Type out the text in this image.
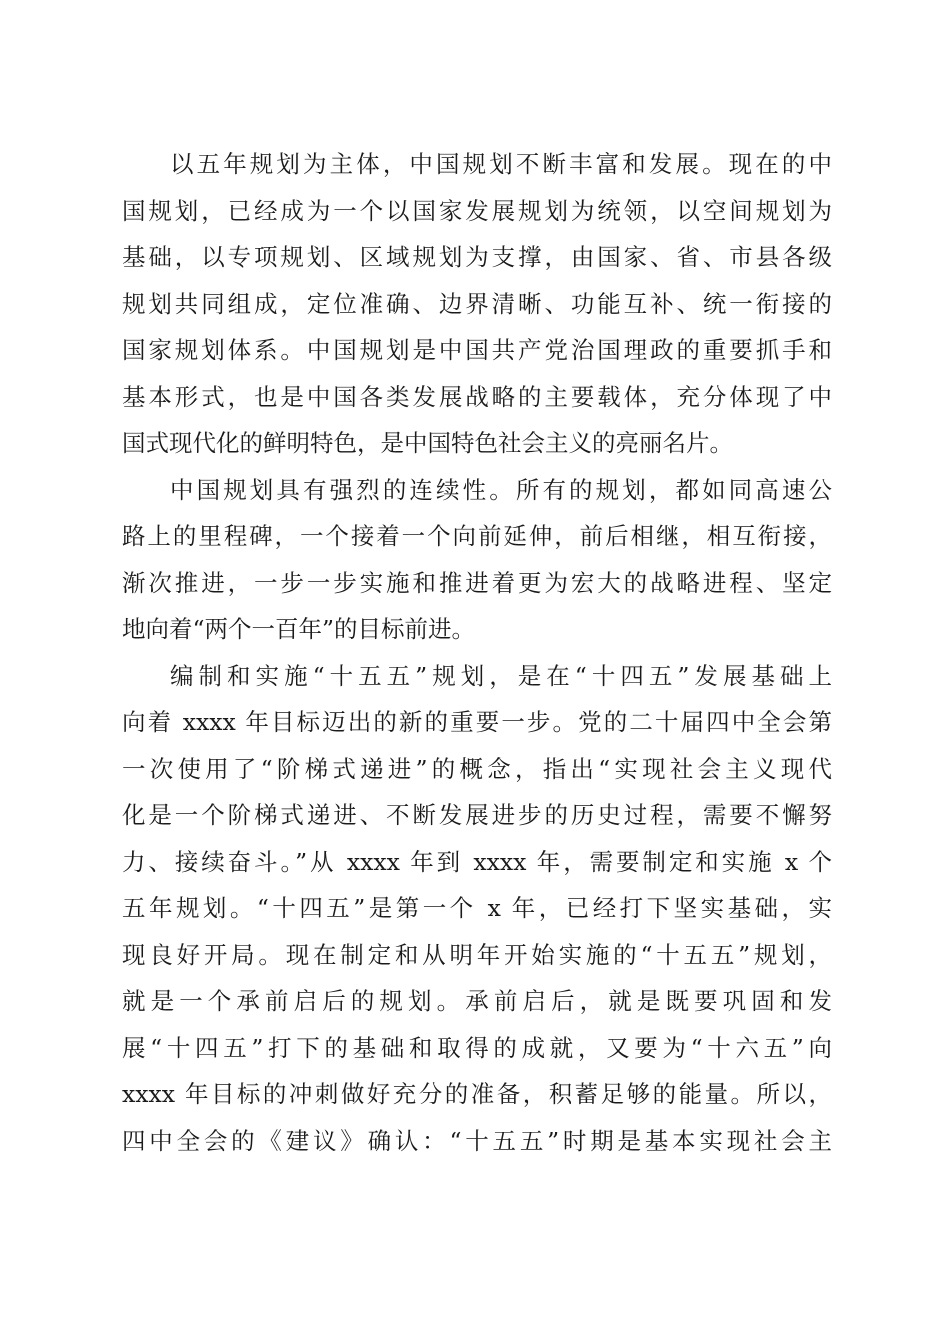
以五年规划为主体，中国规划不断丰富和发展。现在的中
国规划，已经成为一个以国家发展规划为统领，以空间规划为
基础，以专项规划、区域规划为支撑，由国家、省、市县各级
规划共同组成，定位准确、边界清晰、功能互补、统一衔接的
国家规划体系。中国规划是中国共产党治国理政的重要抓手和
基本形式，也是中国各类发展战略的主要载体，充分体现了中
国式现代化的鲜明特色，是中国特色社会主义的亮丽名片。
中国规划具有强烈的连续性。所有的规划，都如同高速公
路上的里程碑，一个接着一个向前延伸，前后相继，相互衔接，
渐次推进，一步一步实施和推进着更为宏大的战略进程、坚定
地向着“两个一百年”的目标前进。
编制和实施“十五五”规划，是在“十四五”发展基础上
向着 xxxx 年目标迈出的新的重要一步。党的二十届四中全会第
一次使用了“阶梯式递进”的概念，指出“实现社会主义现代
化是一个阶梯式递进、不断发展进步的历史过程，需要不懈努
力、接续奋斗。”从 xxxx 年到 xxxx 年，需要制定和实施 x 个
五年规划。“十四五”是第一个 x 年，已经打下坚实基础，实
现良好开局。现在制定和从明年开始实施的“十五五”规划，
就是一个承前启后的规划。承前启后，就是既要巩固和发
展“十四五”打下的基础和取得的成就，又要为“十六五”向
xxxx 年目标的冲刺做好充分的准备，积蓄足够的能量。所以，
四中全会的《建议》确认：“十五五”时期是基本实现社会主
